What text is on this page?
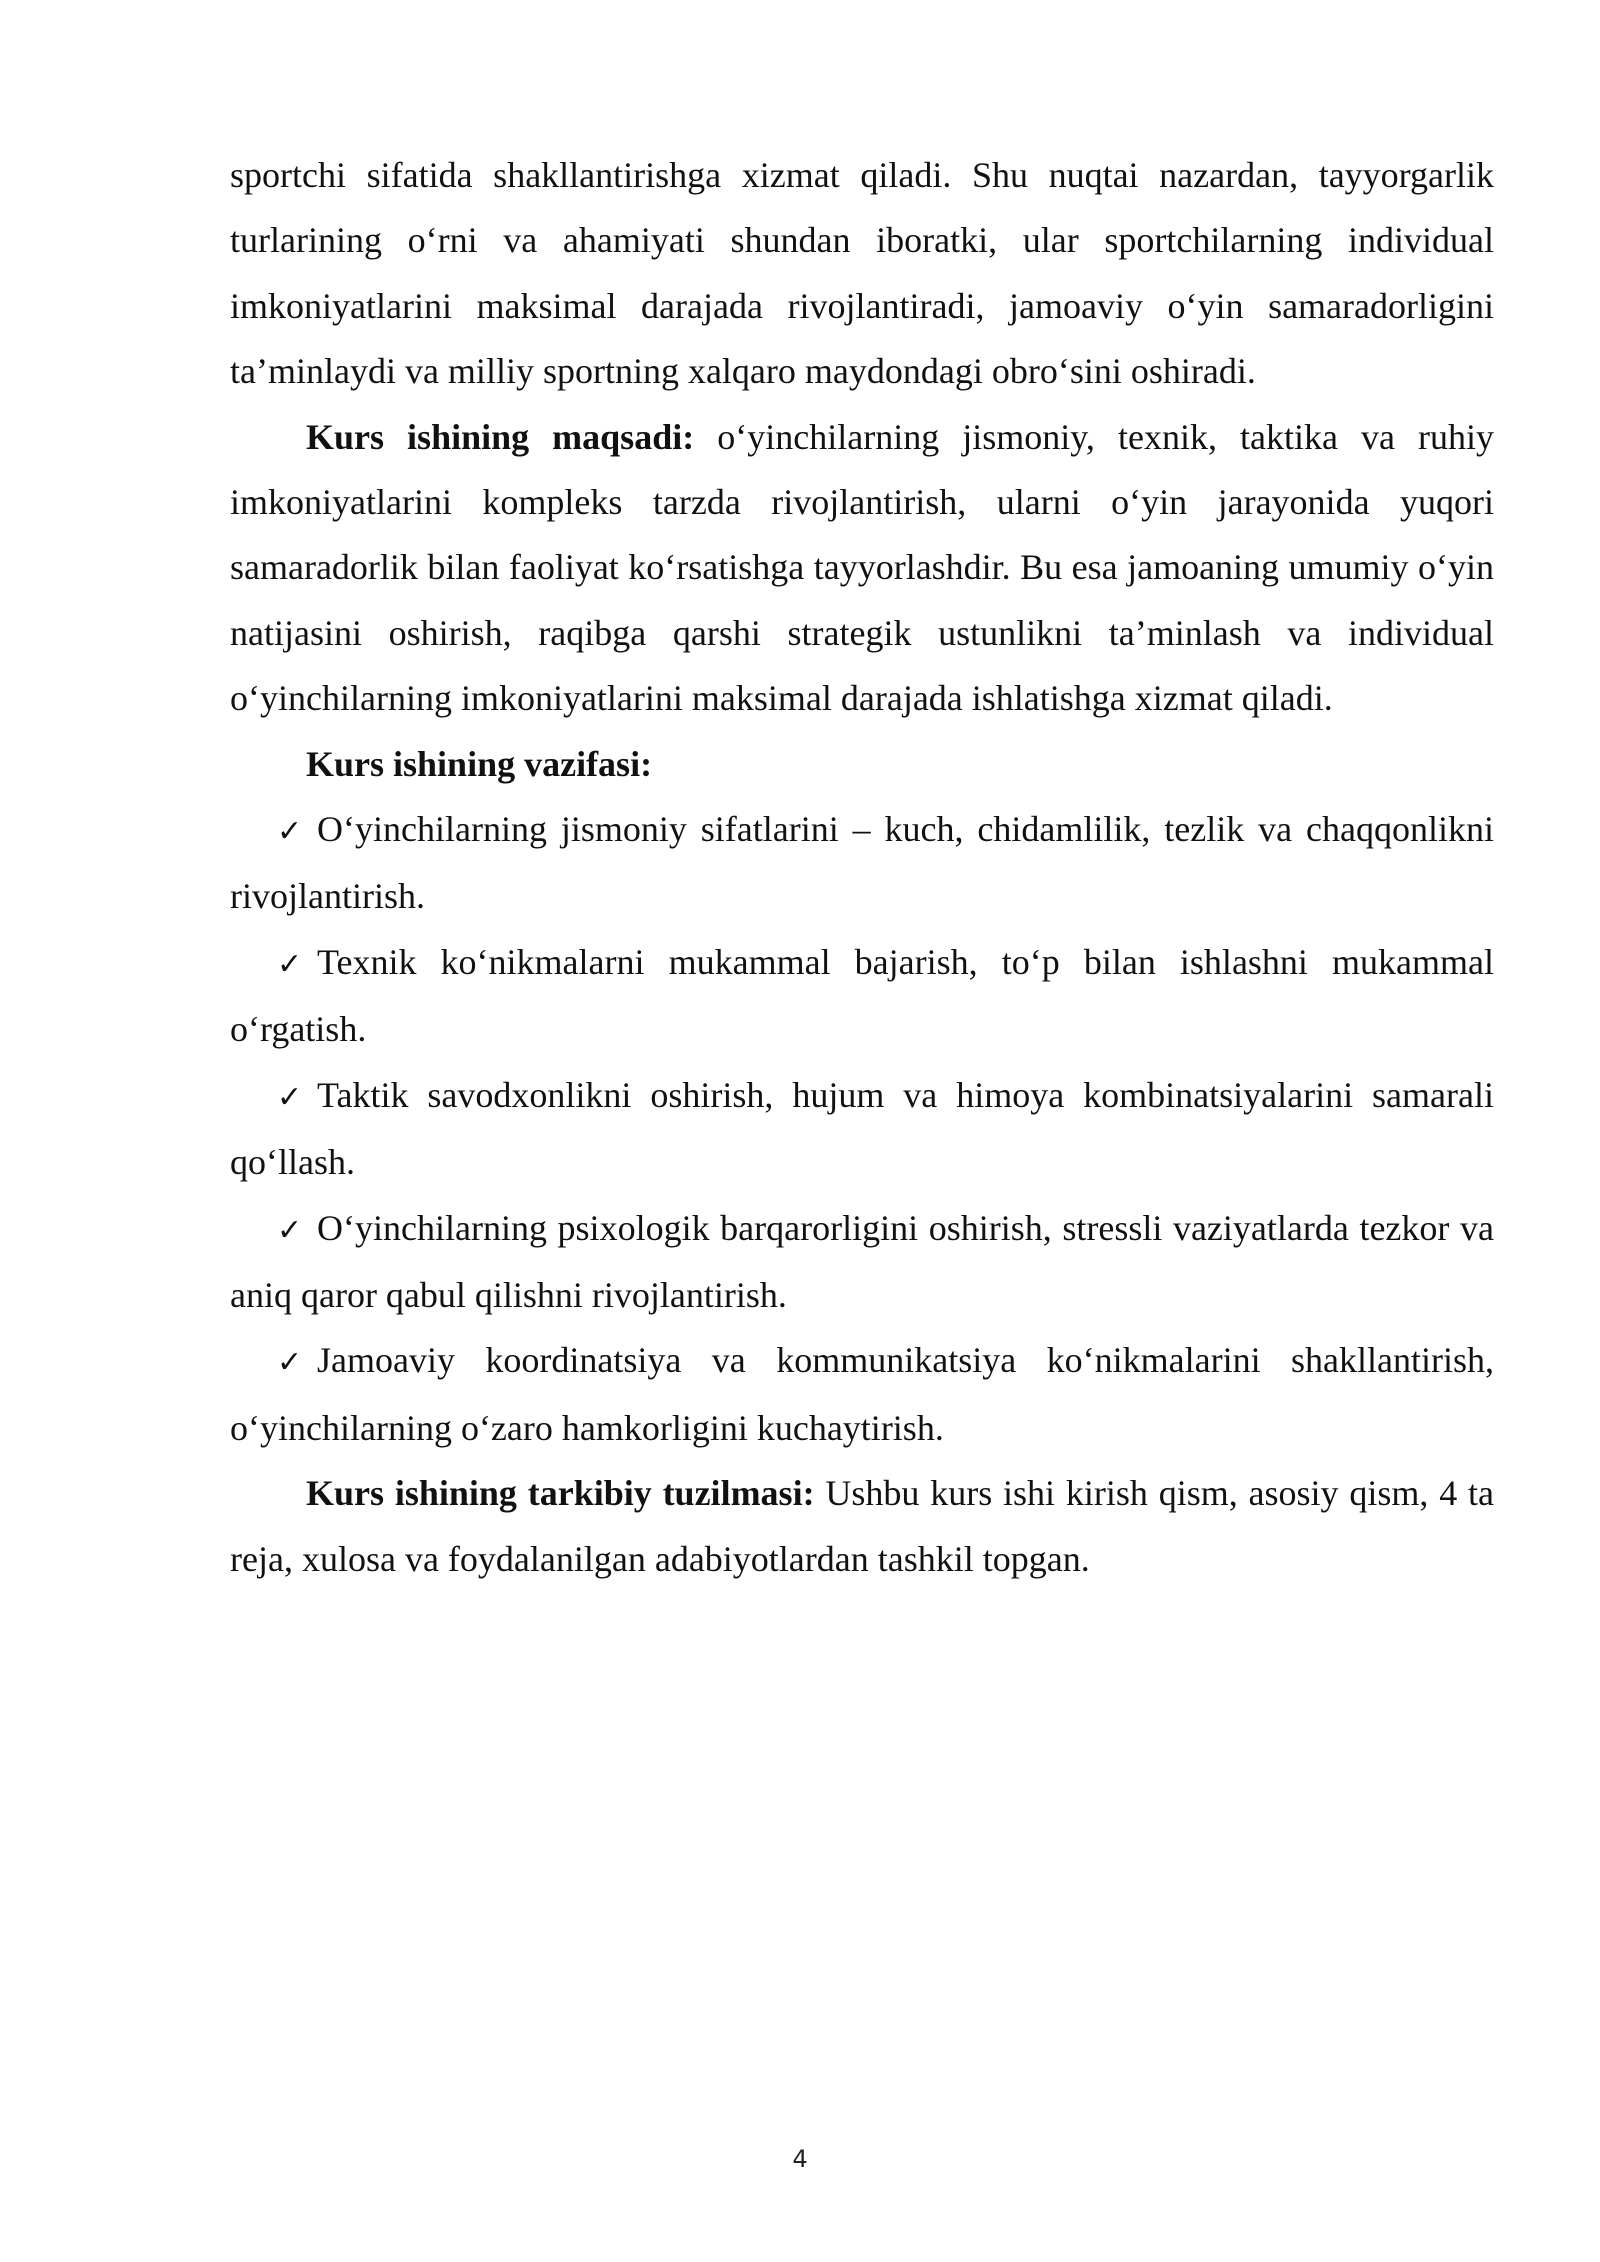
sportchi sifatida shakllantirishga xizmat qiladi. Shu nuqtai nazardan, tayyorgarlik turlarining o‘rni va ahamiyati shundan iboratki, ular sportchilarning individual imkoniyatlarini maksimal darajada rivojlantiradi, jamoaviy o‘yin samaradorligini ta’minlaydi va milliy sportning xalqaro maydondagi obro‘sini oshiradi.

Kurs ishining maqsadi: o‘yinchilarning jismoniy, texnik, taktika va ruhiy imkoniyatlarini kompleks tarzda rivojlantirish, ularni o‘yin jarayonida yuqori samaradorlik bilan faoliyat ko‘rsatishga tayyorlashdir. Bu esa jamoaning umumiy o‘yin natijasini oshirish, raqibga qarshi strategik ustunlikni ta’minlash va individual o‘yinchilarning imkoniyatlarini maksimal darajada ishlatishga xizmat qiladi.

Kurs ishining vazifasi:

✓ O‘yinchilarning jismoniy sifatlarini – kuch, chidamlilik, tezlik va chaqqonlikni rivojlantirish.

✓ Texnik ko‘nikmalarni mukammal bajarish, to‘p bilan ishlashni mukammal o‘rgatish.

✓ Taktik savodxonlikni oshirish, hujum va himoya kombinatsiyalarini samarali qo‘llash.

✓ O‘yinchilarning psixologik barqarorligini oshirish, stressli vaziyatlarda tezkor va aniq qaror qabul qilishni rivojlantirish.

✓ Jamoaviy koordinatsiya va kommunikatsiya ko‘nikmalarini shakllantirish, o‘yinchilarning o‘zaro hamkorligini kuchaytirish.

Kurs ishining tarkibiy tuzilmasi: Ushbu kurs ishi kirish qism, asosiy qism, 4 ta reja, xulosa va foydalanilgan adabiyotlardan tashkil topgan.

4
